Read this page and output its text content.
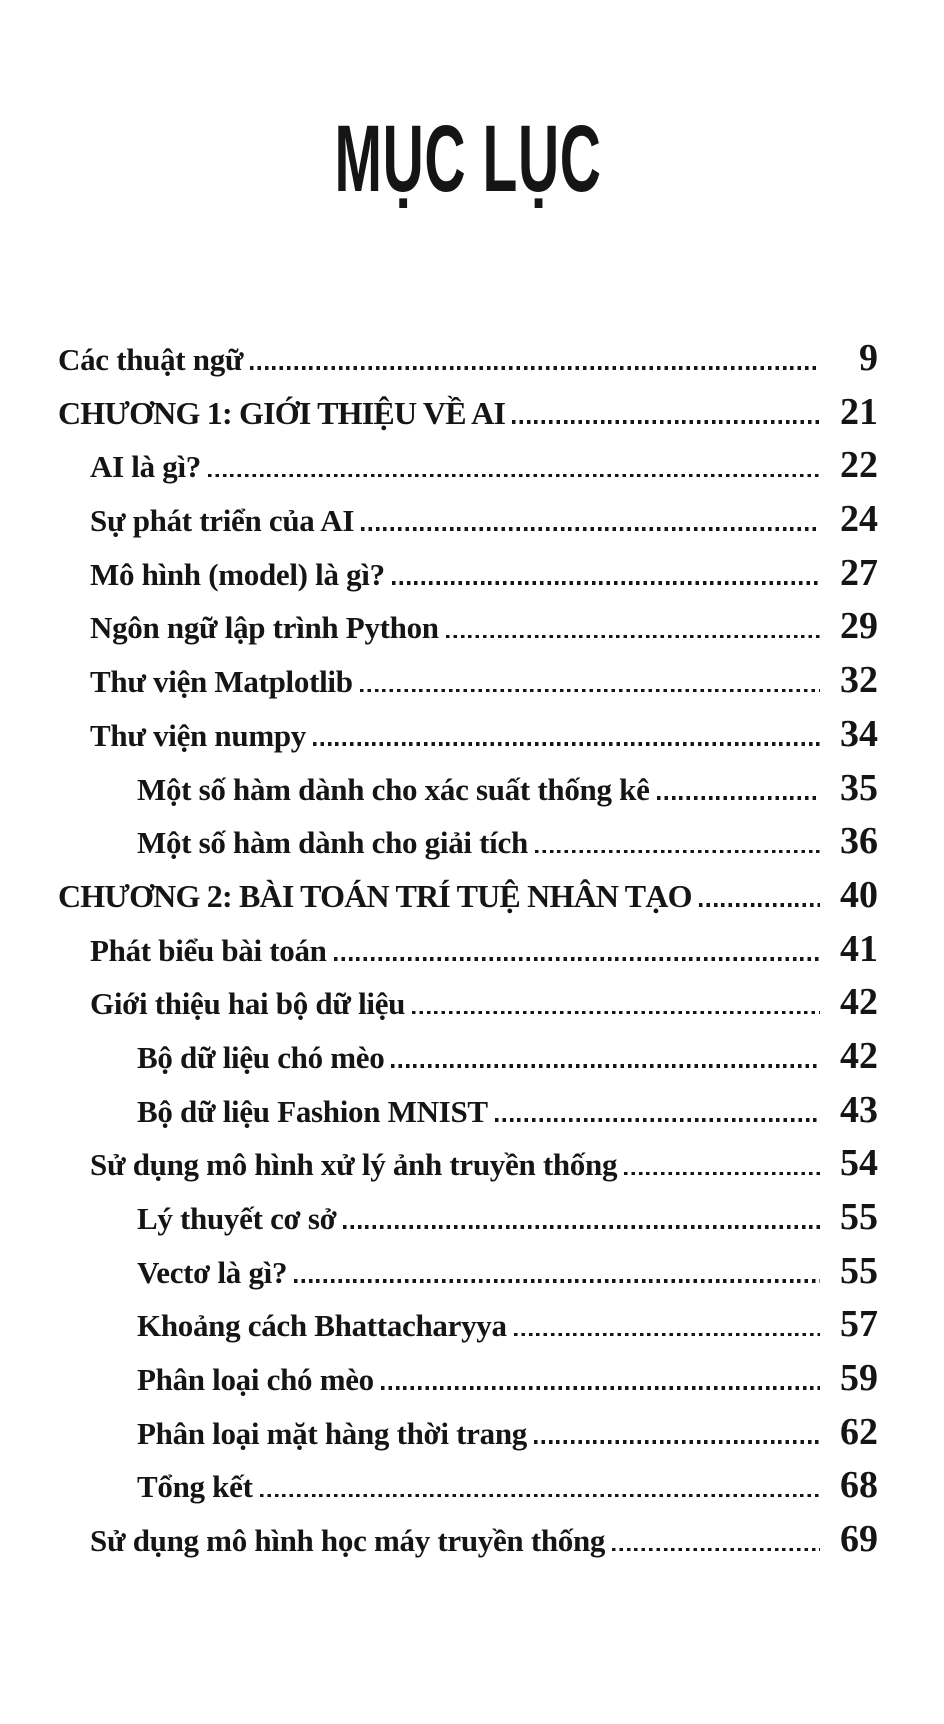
MỤC LỤC
Các thuật ngữ	9
CHƯƠNG 1: GIỚI THIỆU VỀ AI	21
AI là gì?	22
Sự phát triển của AI	24
Mô hình (model) là gì?	27
Ngôn ngữ lập trình Python	29
Thư viện Matplotlib	32
Thư viện numpy	34
Một số hàm dành cho xác suất thống kê	35
Một số hàm dành cho giải tích	36
CHƯƠNG 2: BÀI TOÁN TRÍ TUỆ NHÂN TẠO	40
Phát biểu bài toán	41
Giới thiệu hai bộ dữ liệu	42
Bộ dữ liệu chó mèo	42
Bộ dữ liệu Fashion MNIST	43
Sử dụng mô hình xử lý ảnh truyền thống	54
Lý thuyết cơ sở	55
Vectơ là gì?	55
Khoảng cách Bhattacharyya	57
Phân loại chó mèo	59
Phân loại mặt hàng thời trang	62
Tổng kết	68
Sử dụng mô hình học máy truyền thống	69
